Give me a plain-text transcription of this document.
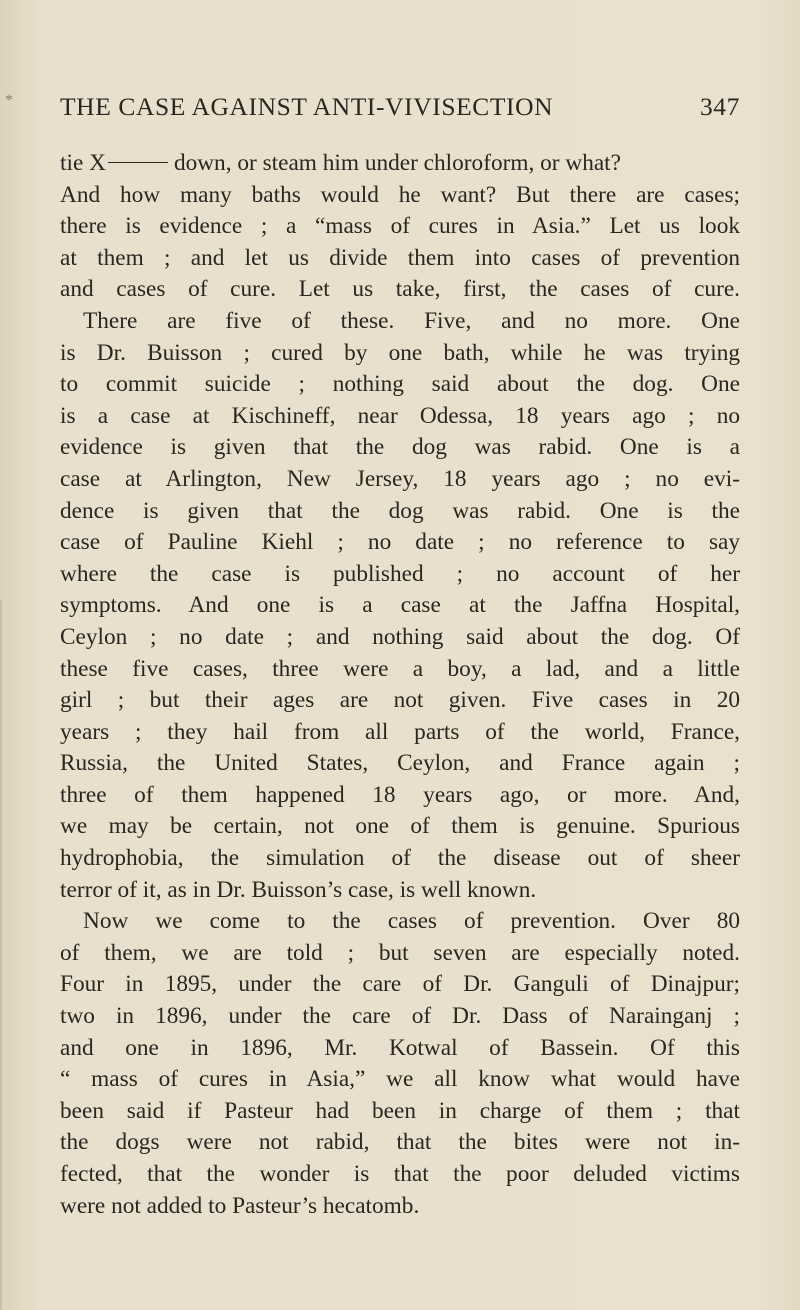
* THE CASE AGAINST ANTI-VIVISECTION	347
tie X	down, or steam him under chloroform, or what?
And how many baths would he want? But there are cases;
there is evidence ; a “mass of cures in Asia.” Let us look
at them ; and let us divide them into cases of prevention
and cases of cure. Let us take, first, the cases of cure.
There are five of these. Five, and no more. One
is Dr. Buisson ; cured by one bath, while he was trying
to commit suicide ; nothing said about the dog. One
is a case at Kischineff, near Odessa, 18 years ago ; no
evidence is given that the dog was rabid. One is a
case at Arlington, New Jersey, 18 years ago ; no evi-
dence is given that the dog was rabid. One is the
case of Pauline Kiehl ; no date ; no reference to say
where the case is published ; no account of her
symptoms. And one is a case at the Jaffna Hospital,
Ceylon ; no date ; and nothing said about the dog. Of
these five cases, three were a boy, a lad, and a little
girl ; but their ages are not given. Five cases in 20
years ; they hail from all parts of the world, France,
Russia, the United States, Ceylon, and France again ;
three of them happened 18 years ago, or more. And,
we may be certain, not one of them is genuine. Spurious
hydrophobia, the simulation of the disease out of sheer
terror of it, as in Dr. Buisson’s case, is well known.
Now we come to the cases of prevention. Over 80
of them, we are told ; but seven are especially noted.
Four in 1895, under the care of Dr. Ganguli of Dinajpur;
two in 1896, under the care of Dr. Dass of Narainganj ;
and one in 1896, Mr. Kotwal of Bassein. Of this
“ mass of cures in Asia,” we all know what would have
been said if Pasteur had been in charge of them ; that
the dogs were not rabid, that the bites were not in-
fected, that the wonder is that the poor deluded victims
were not added to Pasteur’s hecatomb.
